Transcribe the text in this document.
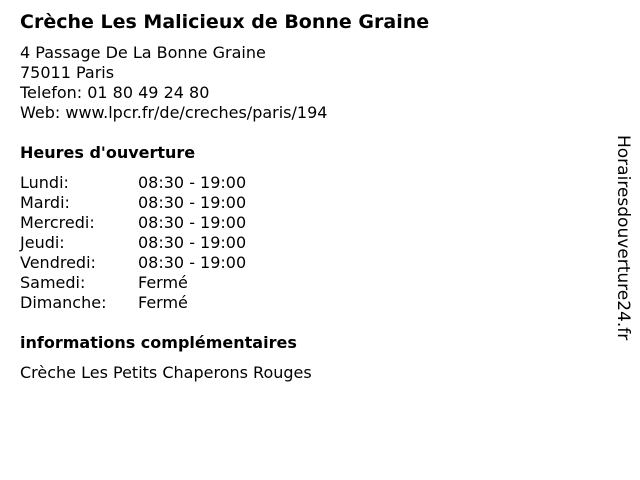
Crèche Les Malicieux de Bonne Graine
4 Passage De La Bonne Graine
75011 Paris
Telefon: 01 80 49 24 80
Web: www.lpcr.fr/de/creches/paris/194
Heures d'ouverture
Lundi:	08:30 - 19:00
Mardi:	08:30 - 19:00
Mercredi:	08:30 - 19:00
Jeudi:	08:30 - 19:00
Vendredi:	08:30 - 19:00
Samedi:	Fermé
Dimanche:	Fermé
informations complémentaires
Crèche Les Petits Chaperons Rouges
Horairesdouverture24.fr
